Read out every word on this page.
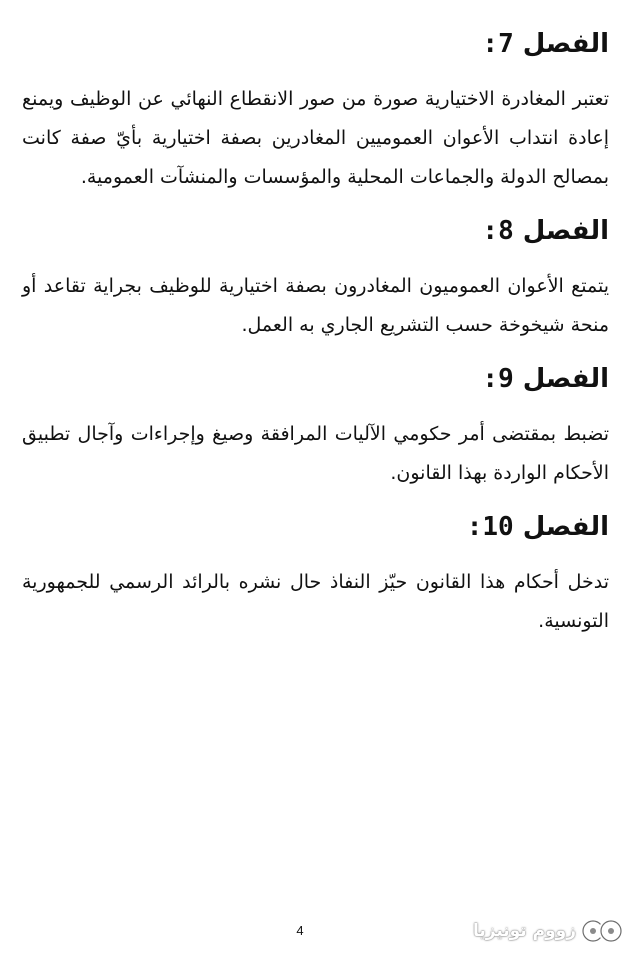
الفصل 7:

تعتبر المغادرة الاختيارية صورة من صور الانقطاع النهائي عن الوظيف ويمنع إعادة انتداب الأعوان العموميين المغادرين بصفة اختيارية بأيّ صفة كانت بمصالح الدولة والجماعات المحلية والمؤسسات والمنشآت العمومية.

الفصل 8:

يتمتع الأعوان العموميون المغادرون بصفة اختيارية للوظيف بجراية تقاعد أو منحة شيخوخة حسب التشريع الجاري به العمل.

الفصل 9:

تضبط بمقتضى أمر حكومي الآليات المرافقة وصيغ وإجراءات وآجال تطبيق الأحكام الواردة بهذا القانون.

الفصل 10:

تدخل أحكام هذا القانون حيّز النفاذ حال نشره بالرائد الرسمي للجمهورية التونسية.

4	زووم تونيزيا
